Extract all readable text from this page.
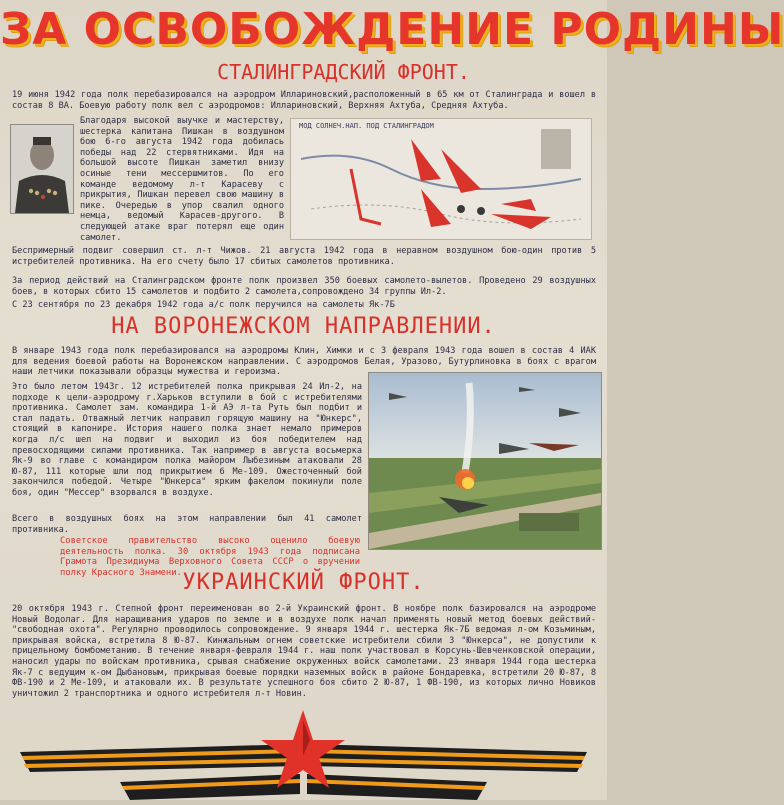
ЗА ОСВОБОЖДЕНИЕ РОДИНЫ
СТАЛИНГРАДСКИЙ ФРОНТ.

19 июня 1942 года полк перебазировался на аэродром Иллариновский,расположенный в 65 км от Сталинграда и вошел в состав 8 ВА. Боевую работу полк вел с аэродромов: Иллариновский, Верхняя Ахтуба, Средняя Ахтуба.

Благодаря высокой выучке и мастерству, шестерка капитана Пишкан в воздушном бою 6-го августа 1942 года добилась победы над 22 стервятниками. Идя на большой высоте Пишкан заметил внизу осиные тени мессершмитов. По его команде ведомому л-т Карасеву с прикрытия, Пишкан перевел свою машину в пике. Очередью в упор свалил одного немца, ведомый Карасев-другого. В следующей атаке враг потерял еще один самолет.

МОД СОЛНЕЧ.НАП. ПОД СТАЛИНГРАДОМ

Беспримерный подвиг совершил ст. л-т Чижов. 21 августа 1942 года в неравном воздушном бою-один против 5 истребителей противника. На его счету было 17 сбитых самолетов противника.

За период действий на Сталинградском фронте полк произвел 350 боевых самолето-вылетов. Проведено 29 воздушных боев, в которых сбито 15 самолетов и подбито 2 самолета,сопровождено 34 группы Ил-2.

С 23 сентября по 23 декабря 1942 года а/с полк перучился на самолеты Як-7Б

НА ВОРОНЕЖСКОМ НАПРАВЛЕНИИ.

В январе 1943 года полк перебазировался на аэродромы Клин, Химки и с 3 февраля 1943 года вошел в состав 4 ИАК для ведения боевой работы на Воронежском направлении. С аэродромов Белая, Уразово, Бутурлиновка в боях с врагом наши летчики показывали образцы мужества и героизма.

Это было летом 1943г. 12 истребителей полка прикрывая 24 Ил-2, на подходе к цели-аэродрому г.Харьков вступили в бой с истребителями противника. Самолет зам. командира 1-й АЭ л-та Руть был подбит и стал падать. Отважный летчик направил горящую машину на "Юнкерс", стоящий в капонире. История нашего полка знает немало примеров когда л/с шел на подвиг и выходил из боя победителем над превосходящими силами противника. Так например в августа восьмерка Як-9 во главе с командиром полка майором Лыбезиным атаковали 28 Ю-87, 111 которые шли под прикрытием 6 Ме-109. Ожесточенный бой закончился победой. Четыре "Юнкерса" ярким факелом покинули поле боя, один "Мессер" взорвался в воздухе.

Всего в воздушных боях на этом направлении был 41 самолет противника.

Советское правительство высоко оценило боевую деятельность полка. 30 октября 1943 года подписана Грамота Президиума Верховного Совета СССР о вручении полку Красного Знамени. УКРАИНСКИЙ ФРОНТ.

20 октября 1943 г. Степной фронт переименован во 2-й Украинский фронт. В ноябре полк базировался на аэродроме Новый Водолаг. Для наращивания ударов по земле и в воздухе полк начал применять новый метод боевых действий-"свободная охота". Регулярно проводилось сопровождение. 9 января 1944 г. шестерка Як-7Б ведомая л-ом Козьминым, прикрывая войска, встретила 8 Ю-87. Кинжальным огнем советские истребители сбили 3 "Юнкерса", не допустили к прицельному бомбометанию. В течение января-февраля 1944 г. наш полк участвовал в Корсунь-Шевченковской операции, наносил удары по войскам противника, срывая снабжение окруженных войск самолетами. 23 января 1944 года шестерка Як-7 с ведущим к-ом Дыбановым, прикрывая боевые порядки наземных войск в районе Бондаревка, встретили 20 Ю-87, 8 ФВ-190 и 2 Ме-109, и атаковали их. В результате успешного боя сбито 2 Ю-87, 1 ФВ-190, из которых лично Новиков уничтожил 2 транспортника и одного истребителя л-т Новин.
